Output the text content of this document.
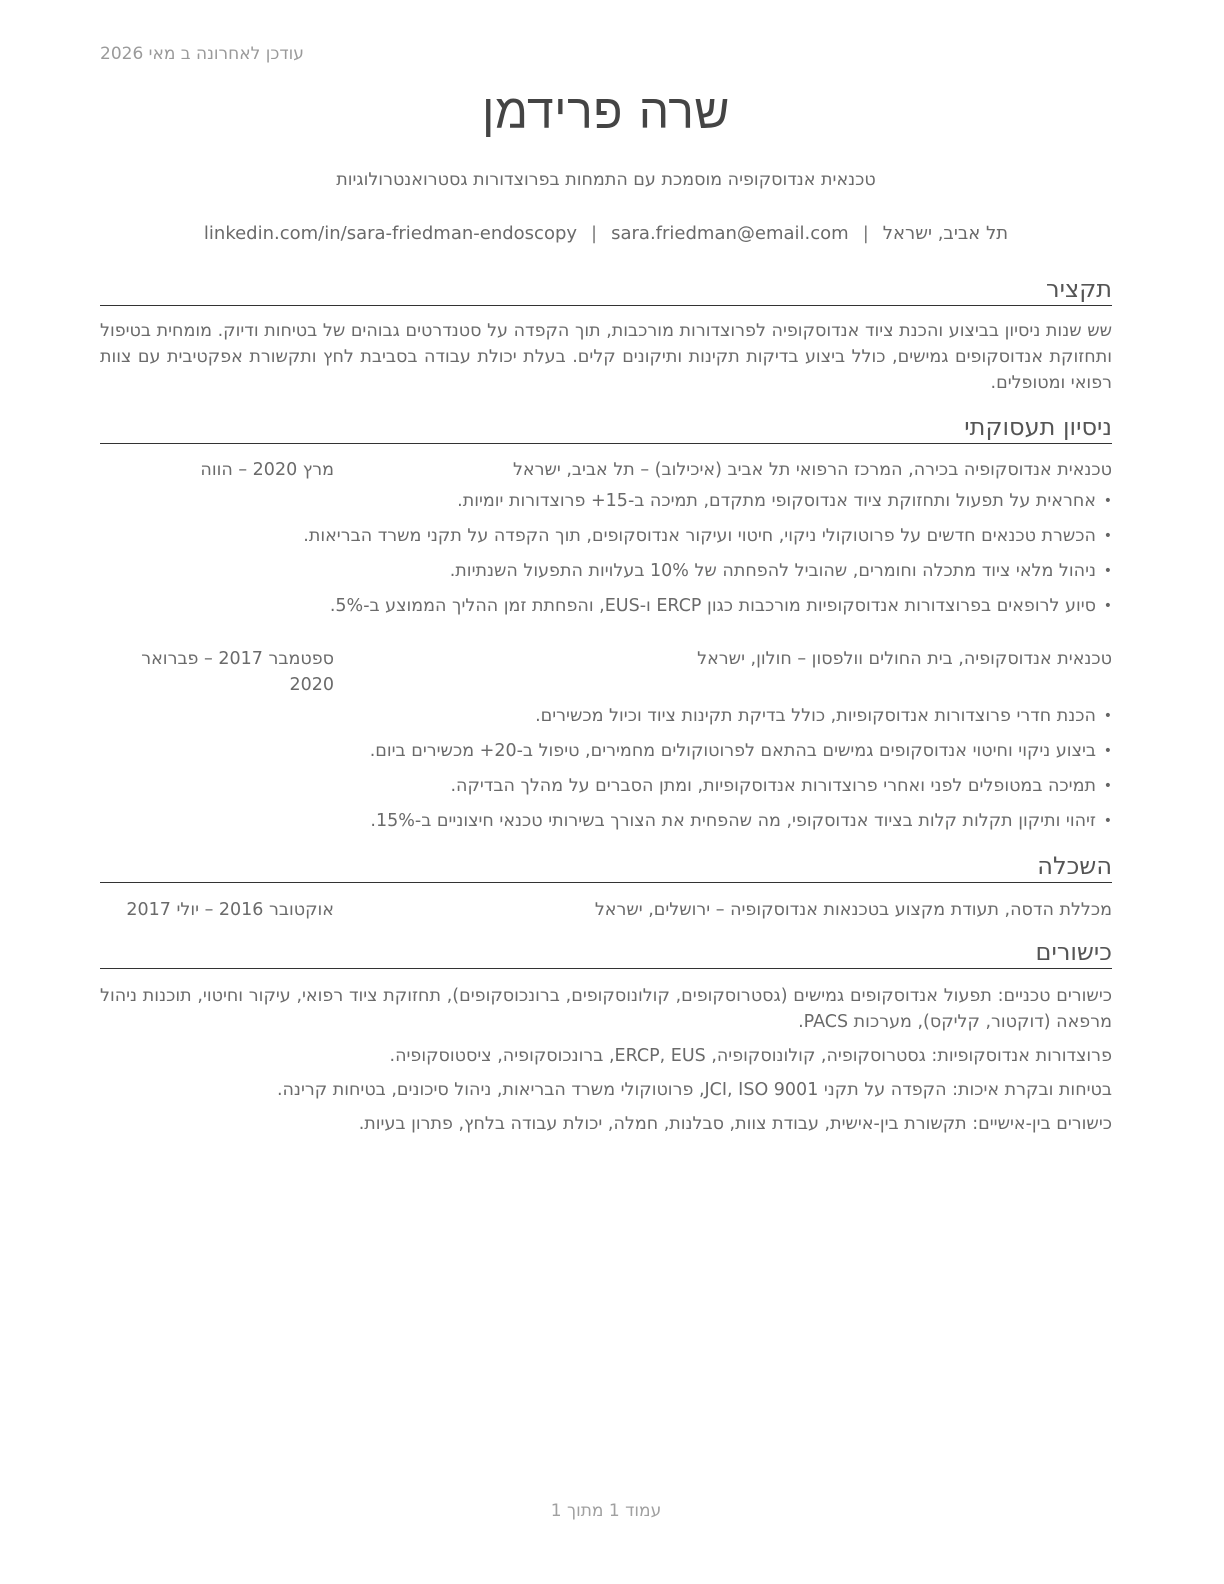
עודכן לאחרונה ב מאי 2026
שרה פרידמן
טכנאית אנדוסקופיה מוסמכת עם התמחות בפרוצדורות גסטרואנטרולוגיות
תל אביב, ישראל|sara.friedman@email.com|linkedin.com/in/sara-friedman-endoscopy
תקציר
שש שנות ניסיון בביצוע והכנת ציוד אנדוסקופיה לפרוצדורות מורכבות, תוך הקפדה על סטנדרטים גבוהים של בטיחות ודיוק. מומחית בטיפול ותחזוקת אנדוסקופים גמישים, כולל ביצוע בדיקות תקינות ותיקונים קלים. בעלת יכולת עבודה בסביבת לחץ ותקשורת אפקטיבית עם צוות רפואי ומטופלים.
ניסיון תעסוקתי
טכנאית אנדוסקופיה בכירה, המרכז הרפואי תל אביב (איכילוב) – תל אביב, ישראל
מרץ 2020 – הווה
•
אחראית על תפעול ותחזוקת ציוד אנדוסקופי מתקדם, תמיכה ב-15+ פרוצדורות יומיות.
•
הכשרת טכנאים חדשים על פרוטוקולי ניקוי, חיטוי ועיקור אנדוסקופים, תוך הקפדה על תקני משרד הבריאות.
•
ניהול מלאי ציוד מתכלה וחומרים, שהוביל להפחתה של 10% בעלויות התפעול השנתיות.
•
סיוע לרופאים בפרוצדורות אנדוסקופיות מורכבות כגון ERCP ו-EUS, והפחתת זמן ההליך הממוצע ב-5%.
טכנאית אנדוסקופיה, בית החולים וולפסון – חולון, ישראל
ספטמבר 2017 – פברואר 2020
•
הכנת חדרי פרוצדורות אנדוסקופיות, כולל בדיקת תקינות ציוד וכיול מכשירים.
•
ביצוע ניקוי וחיטוי אנדוסקופים גמישים בהתאם לפרוטוקולים מחמירים, טיפול ב-20+ מכשירים ביום.
•
תמיכה במטופלים לפני ואחרי פרוצדורות אנדוסקופיות, ומתן הסברים על מהלך הבדיקה.
•
זיהוי ותיקון תקלות קלות בציוד אנדוסקופי, מה שהפחית את הצורך בשירותי טכנאי חיצוניים ב-15%.
השכלה
מכללת הדסה, תעודת מקצוע בטכנאות אנדוסקופיה – ירושלים, ישראל
אוקטובר 2016 – יולי 2017
כישורים
כישורים טכניים: תפעול אנדוסקופים גמישים (גסטרוסקופים, קולונוסקופים, ברונכוסקופים), תחזוקת ציוד רפואי, עיקור וחיטוי, תוכנות ניהול מרפאה (דוקטור, קליקס), מערכות PACS.
פרוצדורות אנדוסקופיות: גסטרוסקופיה, קולונוסקופיה, ERCP, EUS, ברונכוסקופיה, ציסטוסקופיה.
בטיחות ובקרת איכות: הקפדה על תקני JCI, ISO 9001, פרוטוקולי משרד הבריאות, ניהול סיכונים, בטיחות קרינה.
כישורים בין-אישיים: תקשורת בין-אישית, עבודת צוות, סבלנות, חמלה, יכולת עבודה בלחץ, פתרון בעיות.
עמוד 1 מתוך 1
